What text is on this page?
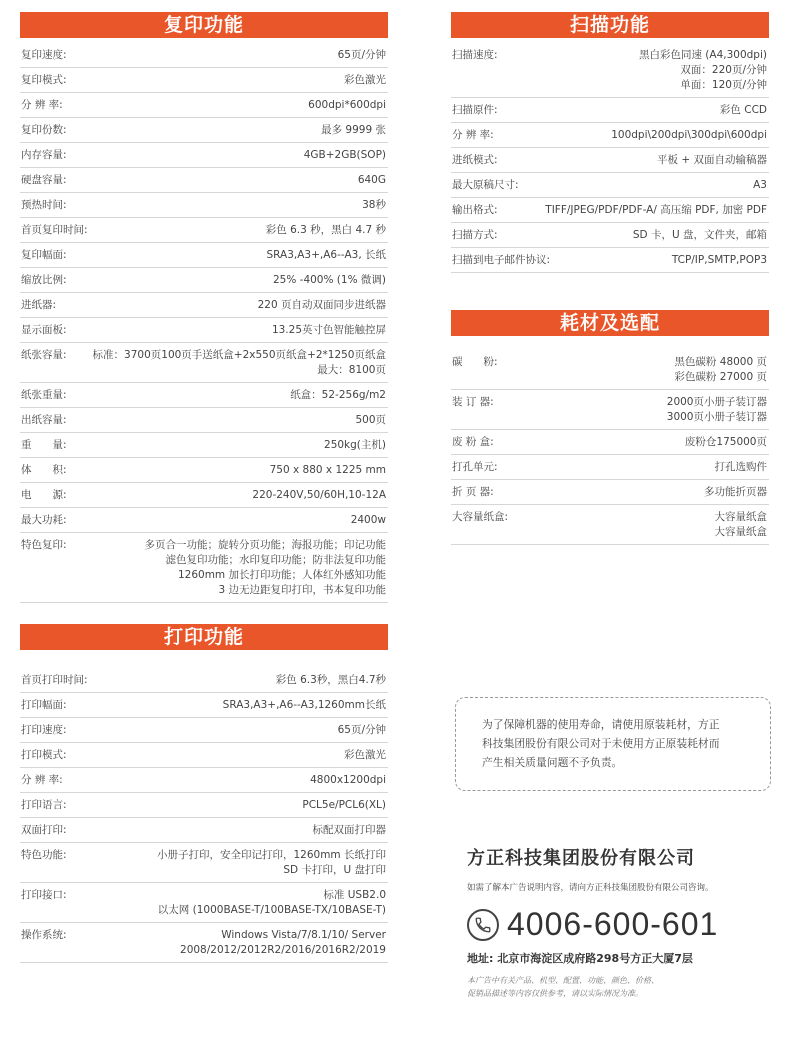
复印功能
复印速度:	65页/分钟
复印模式:	彩色激光
分 辨 率:	600dpi*600dpi
复印份数:	最多 9999 张
内存容量:	4GB+2GB(SOP)
硬盘容量:	640G
预热时间:	38秒
首页复印时间:	彩色 6.3 秒，黑白 4.7 秒
复印幅面:	SRA3,A3+,A6--A3, 长纸
缩放比例:	25% -400% (1% 微调)
进纸器:	220 页自动双面同步进纸器
显示面板:	13.25英寸色智能触控屏
纸张容量: 标准：3700页100页手送纸盒+2x550页纸盒+2*1250页纸盒
最大：8100页
纸张重量:	纸盒：52-256g/m2
出纸容量:	500页
重　　量:	250kg(主机)
体　　积:	750 x 880 x 1225 mm
电　　源:	220-240V,50/60H,10-12A
最大功耗:	2400w
特色复印:	多页合一功能；旋转分页功能；海报功能；印记功能
滤色复印功能；水印复印功能；防非法复印功能
1260mm 加长打印功能；人体红外感知功能
3 边无边距复印打印，书本复印功能
打印功能
首页打印时间:	彩色 6.3秒，黑白4.7秒
打印幅面:	SRA3,A3+,A6--A3,1260mm长纸
打印速度:	65页/分钟
打印模式:	彩色激光
分 辨 率:	4800x1200dpi
打印语言:	PCL5e/PCL6(XL)
双面打印:	标配双面打印器
特色功能:	小册子打印，安全印记打印，1260mm 长纸打印
SD 卡打印，U 盘打印
打印接口:	标准 USB2.0
以太网 (1000BASE-T/100BASE-TX/10BASE-T)
操作系统:	Windows Vista/7/8.1/10/ Server
2008/2012/2012R2/2016/2016R2/2019
扫描功能
扫描速度:	黑白彩色同速 (A4,300dpi)
双面：220页/分钟
单面：120页/分钟
扫描原件:	彩色 CCD
分 辨 率:	100dpi\200dpi\300dpi\600dpi
进纸模式:	平板 + 双面自动输稿器
最大原稿尺寸:	A3
输出格式:	TIFF/JPEG/PDF/PDF-A/ 高压缩 PDF, 加密 PDF
扫描方式:	SD 卡，U 盘，文件夹，邮箱
扫描到电子邮件协议:	TCP/IP,SMTP,POP3
耗材及选配
碳　　粉:	黑色碳粉 48000 页
彩色碳粉 27000 页
装 订 器:	2000页小册子装订器
3000页小册子装订器
废 粉 盒:	废粉仓175000页
打孔单元:	打孔选购件
折 页 器:	多功能折页器
大容量纸盒:	大容量纸盒
大容量纸盒
为了保障机器的使用寿命，请使用原装耗材，方正
科技集团股份有限公司对于未使用方正原装耗材而
产生相关质量问题不予负责。
方正科技集团股份有限公司
如需了解本广告说明内容，请向方正科技集团股份有限公司咨询。
4006-600-601
地址: 北京市海淀区成府路298号方正大厦7层
本广告中有关产品、机型、配置、功能、颜色、价格、
促销品描述等内容仅供参考，请以实际情况为准。
